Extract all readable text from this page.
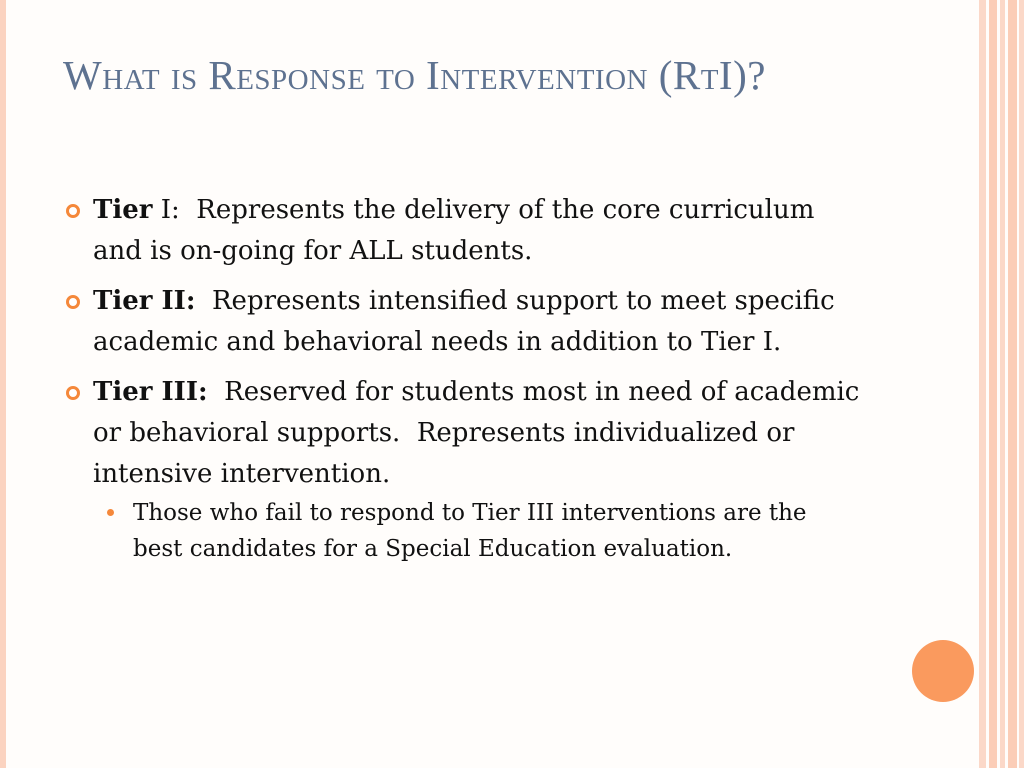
What is Response to Intervention (RtI)?
Tier I:  Represents the delivery of the core curriculum and is on-going for ALL students.
Tier II:  Represents intensified support to meet specific academic and behavioral needs in addition to Tier I.
Tier III:  Reserved for students most in need of academic or behavioral supports.  Represents individualized or intensive intervention.
Those who fail to respond to Tier III interventions are the best candidates for a Special Education evaluation.
